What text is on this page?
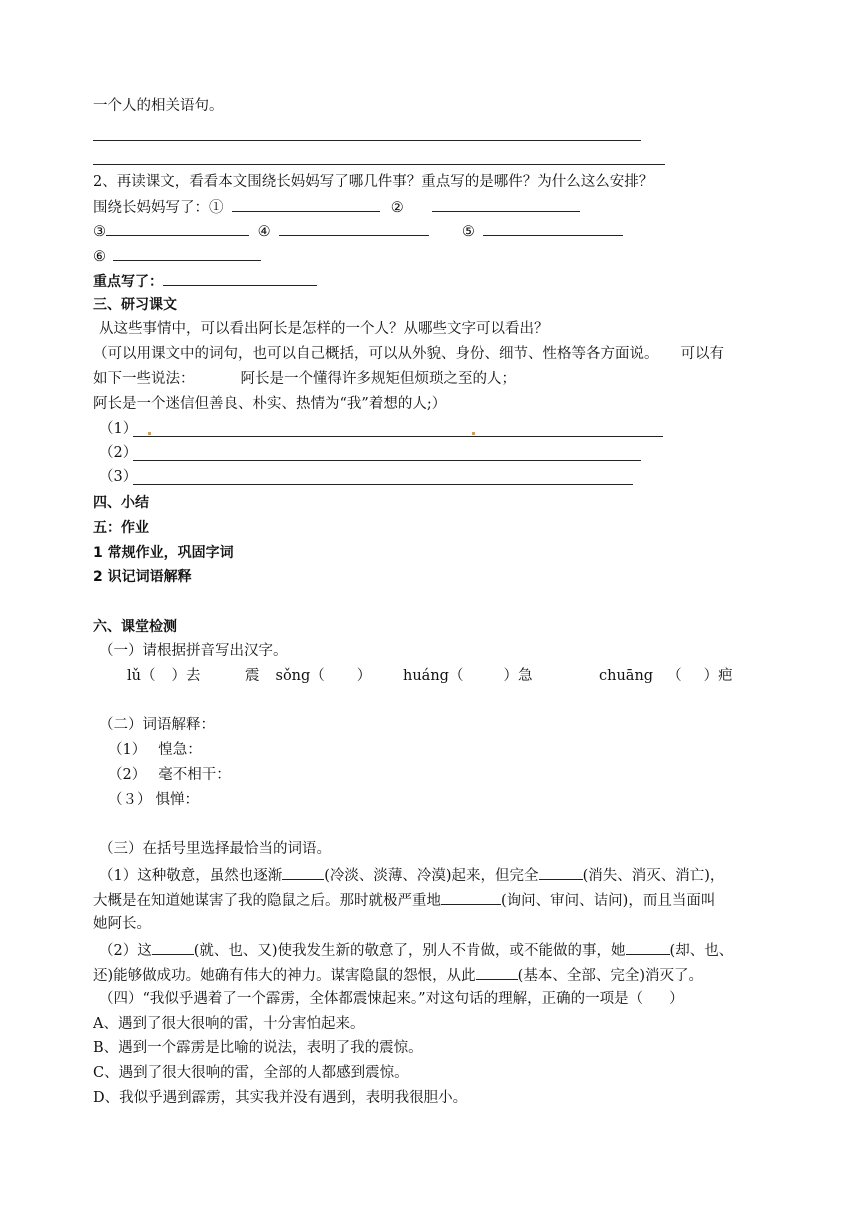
一个人的相关语句。
2、再读课文，看看本文围绕长妈妈写了哪几件事？重点写的是哪件？为什么这么安排？
围绕长妈妈写了：①	②
③	④	⑤
⑥
重点写了：
三、研习课文
从这些事情中，可以看出阿长是怎样的一个人？从哪些文字可以看出？
（可以用课文中的词句，也可以自己概括，可以从外貌、身份、细节、性格等各方面说。 可以有
如下一些说法：	阿长是一个懂得许多规矩但烦琐之至的人；
阿长是一个迷信但善良、朴实、热情为“我”着想的人;）
（1）
（2）
（3）
四、小结
五：作业
1 常规作业，巩固字词
2 识记词语解释
六、课堂检测
（一）请根据拼音写出汉字。
lǔ（ ）去	震 sǒng（ ） huáng（	）急	chuāng （ ）疤
（二）词语解释：
（1） 惶急：
（2） 毫不相干：
（３） 惧惮：
（三）在括号里选择最恰当的词语。
（1）这种敬意，虽然也逐渐	(冷淡、淡薄、冷漠)起来，但完全	(消失、消灭、消亡)，
大概是在知道她谋害了我的隐鼠之后。那时就极严重地	(询问、审问、诘问)，而且当面叫
她阿长。
（2）这	(就、也、又)使我发生新的敬意了，别人不肯做，或不能做的事，她	(却、也、
还)能够做成功。她确有伟大的神力。谋害隐鼠的怨恨，从此	(基本、全部、完全)消灭了。
（四）“我似乎遇着了一个霹雳，全体都震悚起来。”对这句话的理解，正确的一项是（ ）
A、遇到了很大很响的雷，十分害怕起来。
B、遇到一个霹雳是比喻的说法，表明了我的震惊。
C、遇到了很大很响的雷，全部的人都感到震惊。
D、我似乎遇到霹雳，其实我并没有遇到，表明我很胆小。
